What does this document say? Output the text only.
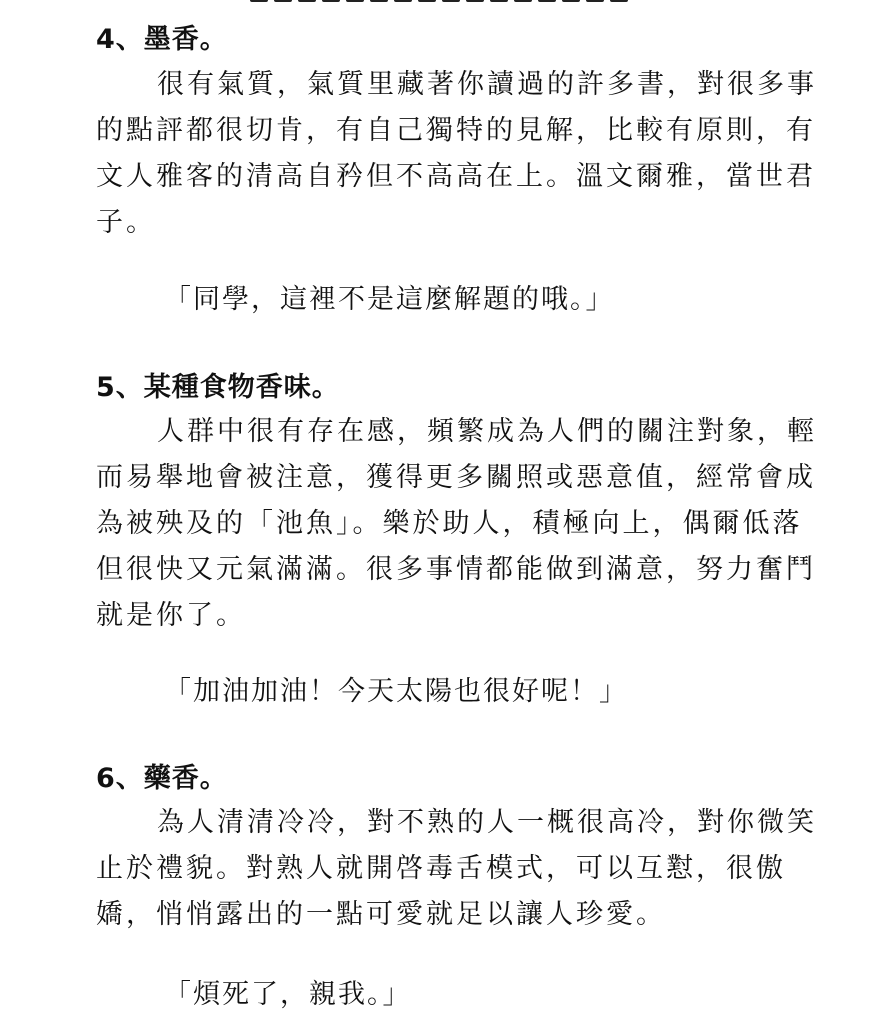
4、墨香。

很有氣質，氣質里藏著你讀過的許多書，對很多事
的點評都很切肯，有自己獨特的見解，比較有原則，有
文人雅客的清高自矜但不高高在上。溫文爾雅，當世君
子。

「同學，這裡不是這麼解題的哦。」
5、某種食物香味。

人群中很有存在感，頻繁成為人們的關注對象，輕
而易舉地會被注意，獲得更多關照或惡意值，經常會成
為被殃及的「池魚」。樂於助人，積極向上，偶爾低落
但很快又元氣滿滿。很多事情都能做到滿意，努力奮鬥
就是你了。

「加油加油！今天太陽也很好呢！」
6、藥香。

為人清清冷冷，對不熟的人一概很高冷，對你微笑
止於禮貌。對熟人就開啓毒舌模式，可以互懟，很傲
嬌，悄悄露出的一點可愛就足以讓人珍愛。

「煩死了，親我。」
